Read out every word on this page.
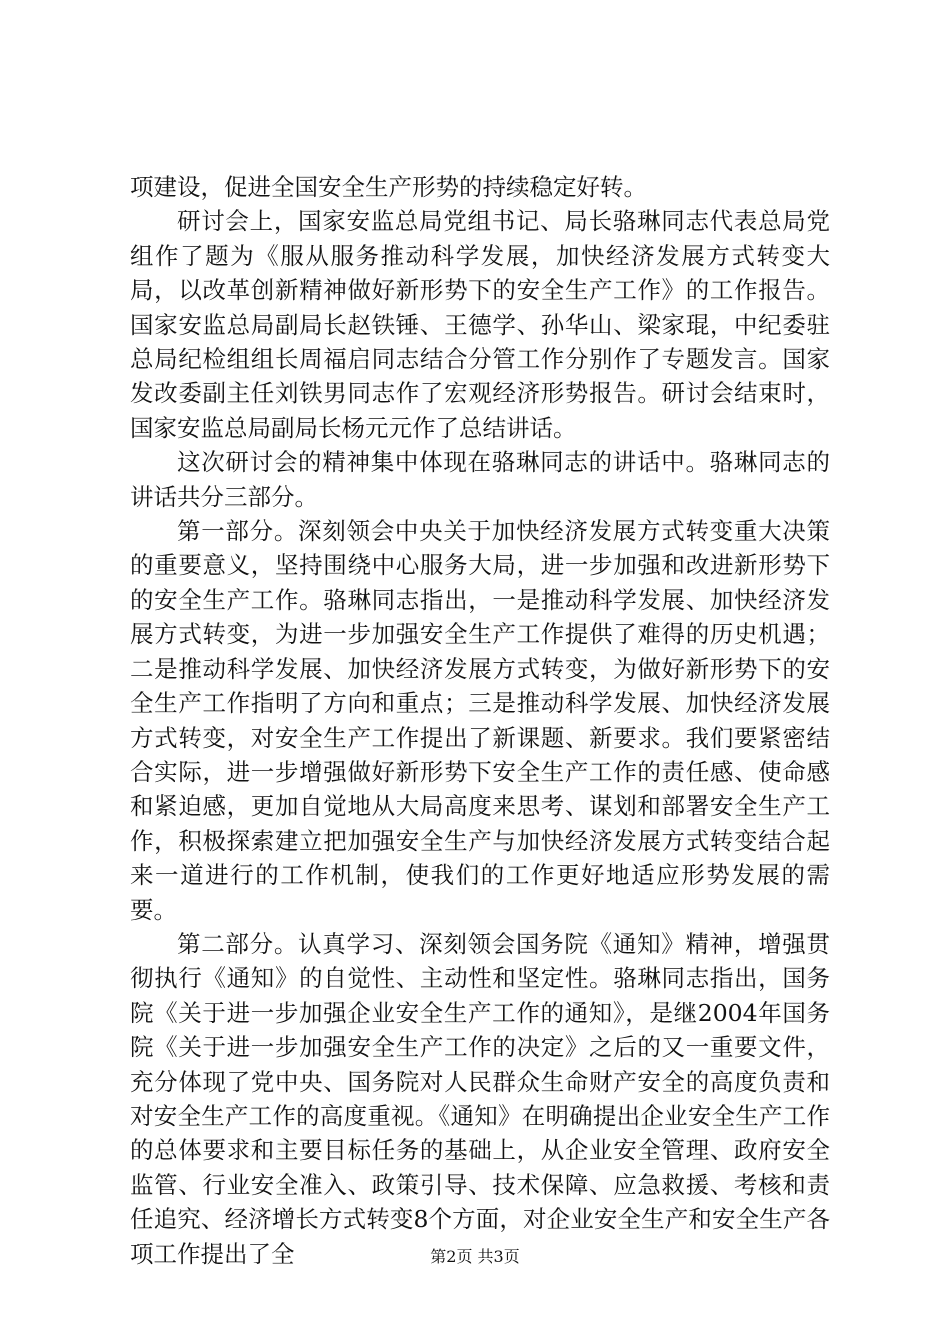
项建设，促进全国安全生产形势的持续稳定好转。

研讨会上，国家安监总局党组书记、局长骆琳同志代表总局党组作了题为《服从服务推动科学发展，加快经济发展方式转变大局，以改革创新精神做好新形势下的安全生产工作》的工作报告。国家安监总局副局长赵铁锤、王德学、孙华山、梁家琨，中纪委驻总局纪检组组长周福启同志结合分管工作分别作了专题发言。国家发改委副主任刘铁男同志作了宏观经济形势报告。研讨会结束时，国家安监总局副局长杨元元作了总结讲话。

这次研讨会的精神集中体现在骆琳同志的讲话中。骆琳同志的讲话共分三部分。

第一部分。深刻领会中央关于加快经济发展方式转变重大决策的重要意义，坚持围绕中心服务大局，进一步加强和改进新形势下的安全生产工作。骆琳同志指出，一是推动科学发展、加快经济发展方式转变，为进一步加强安全生产工作提供了难得的历史机遇；二是推动科学发展、加快经济发展方式转变，为做好新形势下的安全生产工作指明了方向和重点；三是推动科学发展、加快经济发展方式转变，对安全生产工作提出了新课题、新要求。我们要紧密结合实际，进一步增强做好新形势下安全生产工作的责任感、使命感和紧迫感，更加自觉地从大局高度来思考、谋划和部署安全生产工作，积极探索建立把加强安全生产与加快经济发展方式转变结合起来一道进行的工作机制，使我们的工作更好地适应形势发展的需要。

第二部分。认真学习、深刻领会国务院《通知》精神，增强贯彻执行《通知》的自觉性、主动性和坚定性。骆琳同志指出，国务院《关于进一步加强企业安全生产工作的通知》，是继2004年国务院《关于进一步加强安全生产工作的决定》之后的又一重要文件，充分体现了党中央、国务院对人民群众生命财产安全的高度负责和对安全生产工作的高度重视。《通知》在明确提出企业安全生产工作的总体要求和主要目标任务的基础上，从企业安全管理、政府安全监管、行业安全准入、政策引导、技术保障、应急救援、考核和责任追究、经济增长方式转变8个方面，对企业安全生产和安全生产各项工作提出了全	第2页 共3页
